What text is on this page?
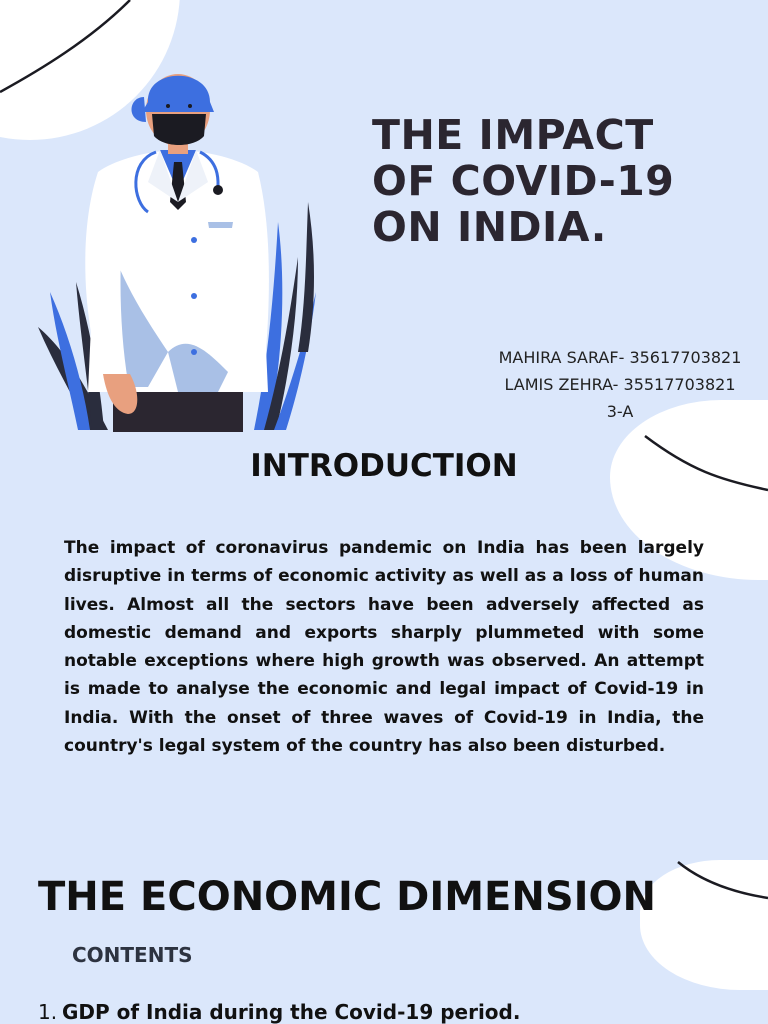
THE IMPACT
OF COVID-19
ON INDIA.
MAHIRA SARAF- 35617703821
LAMIS ZEHRA- 35517703821
3-A
INTRODUCTION

The impact of coronavirus pandemic on India has been largely disruptive in terms of economic activity as well as a loss of human lives. Almost all the sectors have been adversely affected as domestic demand and exports sharply plummeted with some notable exceptions where high growth was observed. An attempt is made to analyse the economic and legal impact of Covid-19 in India. With the onset of three waves of Covid-19 in India, the country's legal system of the country has also been disturbed.

THE ECONOMIC DIMENSION
CONTENTS
1. GDP of India during the Covid-19 period.
